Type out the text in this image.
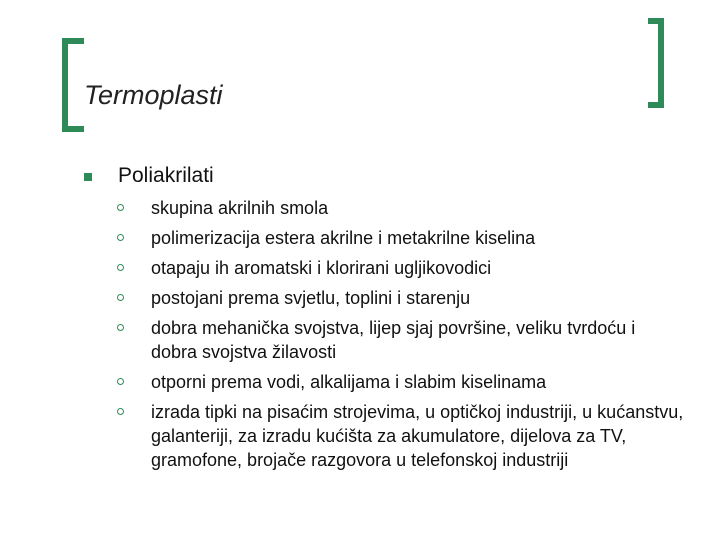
Termoplasti
Poliakrilati
skupina akrilnih smola
polimerizacija estera akrilne i metakrilne kiselina
otapaju ih aromatski i klorirani ugljikovodici
postojani prema svjetlu, toplini i starenju
dobra mehanička svojstva, lijep sjaj površine, veliku tvrdoću i dobra svojstva žilavosti
otporni prema vodi, alkalijama i slabim kiselinama
izrada tipki na pisaćim strojevima, u optičkoj industriji, u kućanstvu, galanteriji, za izradu kućišta za akumulatore, dijelova za TV, gramofone, brojače razgovora u telefonskoj industriji
